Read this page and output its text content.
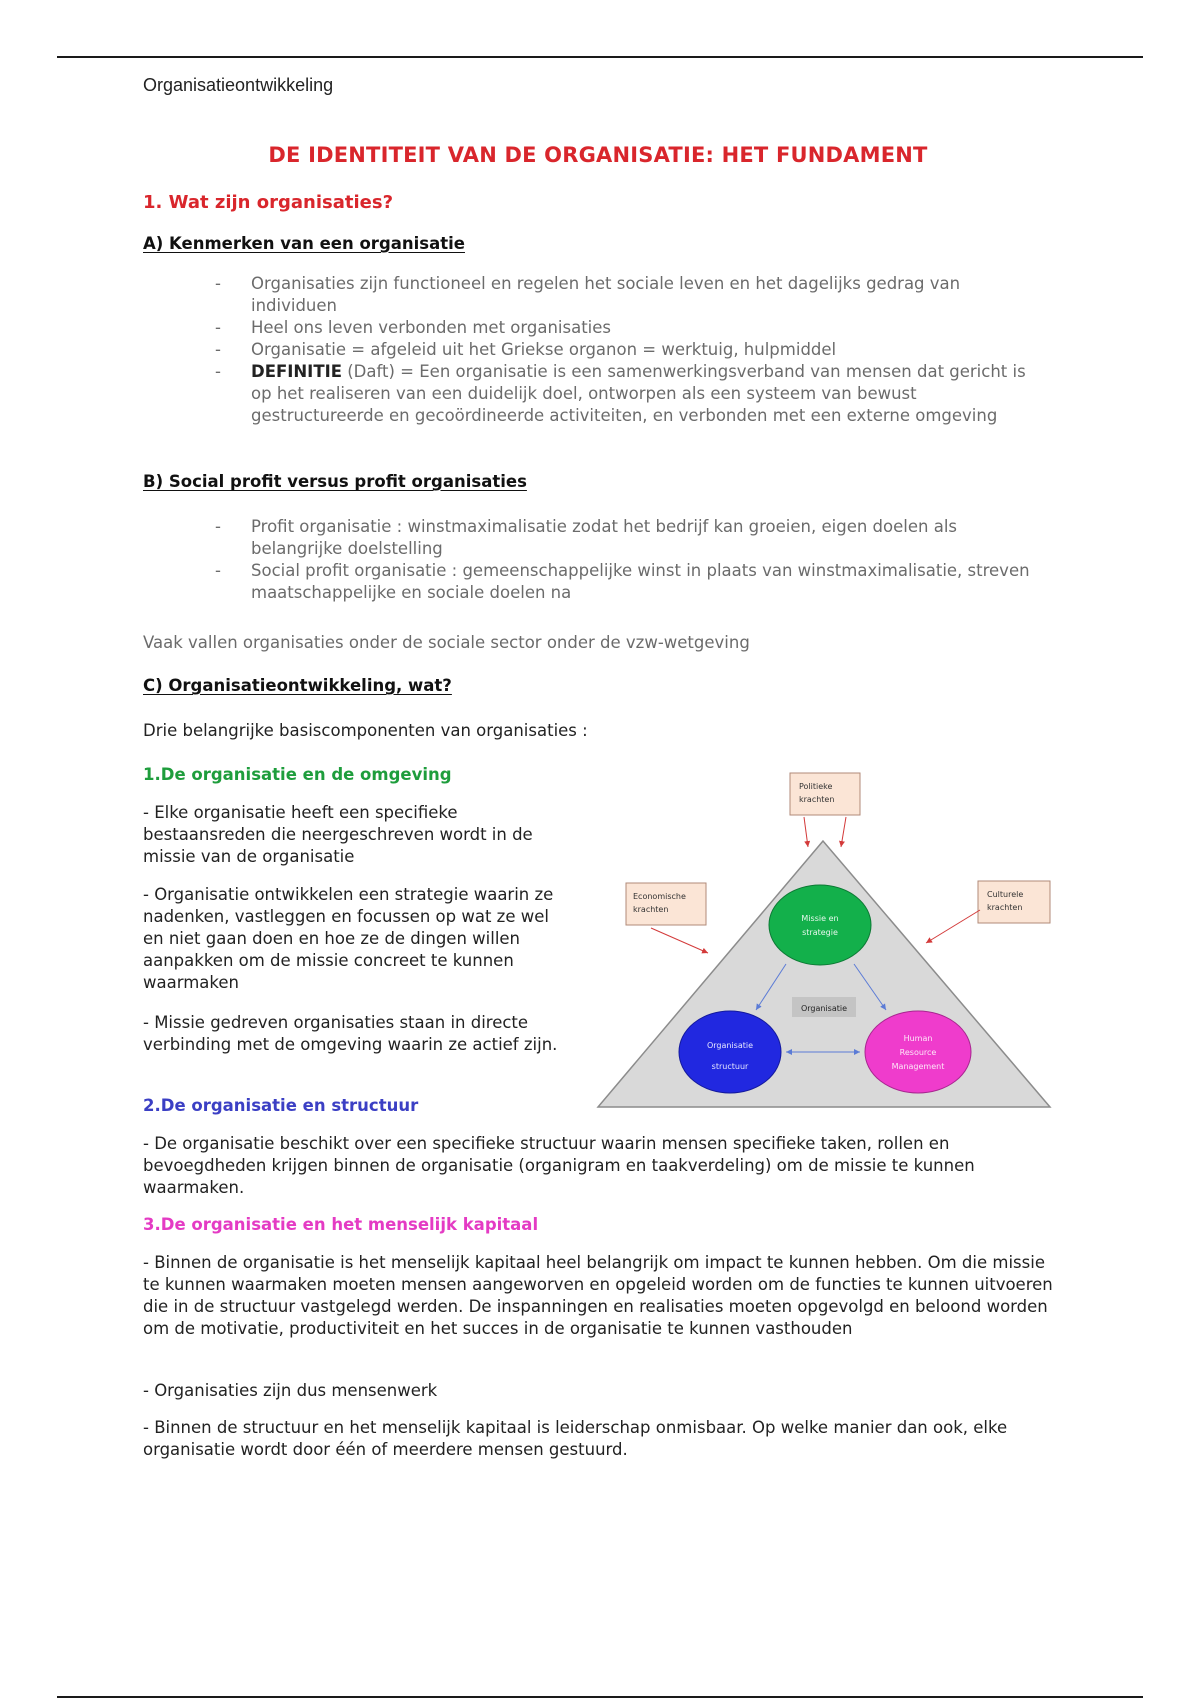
Organisatieontwikkeling
DE IDENTITEIT VAN DE ORGANISATIE: HET FUNDAMENT
1. Wat zijn organisaties?
A) Kenmerken van een organisatie
- Organisaties zijn functioneel en regelen het sociale leven en het dagelijks gedrag van individuen
- Heel ons leven verbonden met organisaties
- Organisatie = afgeleid uit het Griekse organon = werktuig, hulpmiddel
- DEFINITIE (Daft) = Een organisatie is een samenwerkingsverband van mensen dat gericht is op het realiseren van een duidelijk doel, ontworpen als een systeem van bewust gestructureerde en gecoördineerde activiteiten, en verbonden met een externe omgeving
B) Social profit versus profit organisaties
- Profit organisatie : winstmaximalisatie zodat het bedrijf kan groeien, eigen doelen als belangrijke doelstelling
- Social profit organisatie : gemeenschappelijke winst in plaats van winstmaximalisatie, streven maatschappelijke en sociale doelen na
Vaak vallen organisaties onder de sociale sector onder de vzw-wetgeving
C) Organisatieontwikkeling, wat?
Drie belangrijke basiscomponenten van organisaties :
1.De organisatie en de omgeving
- Elke organisatie heeft een specifieke bestaansreden die neergeschreven wordt in de missie van de organisatie
- Organisatie ontwikkelen een strategie waarin ze nadenken, vastleggen en focussen op wat ze wel en niet gaan doen en hoe ze de dingen willen aanpakken om de missie concreet te kunnen waarmaken
- Missie gedreven organisaties staan in directe verbinding met de omgeving waarin ze actief zijn.
2.De organisatie en structuur
- De organisatie beschikt over een specifieke structuur waarin mensen specifieke taken, rollen en bevoegdheden krijgen binnen de organisatie (organigram en taakverdeling) om de missie te kunnen waarmaken.
3.De organisatie en het menselijk kapitaal
- Binnen de organisatie is het menselijk kapitaal heel belangrijk om impact te kunnen hebben. Om die missie te kunnen waarmaken moeten mensen aangeworven en opgeleid worden om de functies te kunnen uitvoeren die in de structuur vastgelegd werden. De inspanningen en realisaties moeten opgevolgd en beloond worden om de motivatie, productiviteit en het succes in de organisatie te kunnen vasthouden
- Organisaties zijn dus mensenwerk
- Binnen de structuur en het menselijk kapitaal is leiderschap onmisbaar. Op welke manier dan ook, elke organisatie wordt door één of meerdere mensen gestuurd.
Politieke
krachten
Economische
krachten
Culturele
krachten
Missie en
strategie
Organisatie
Organisatie
structuur
Human
Resource
Management
